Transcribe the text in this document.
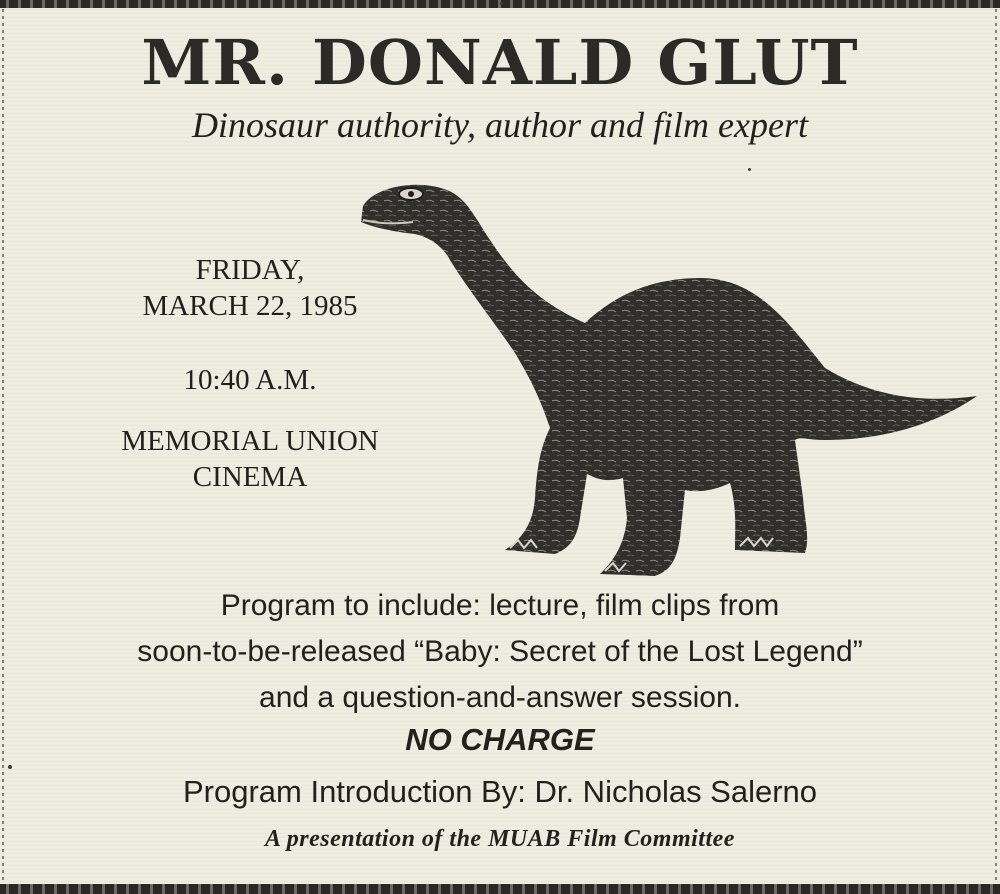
MR. DONALD GLUT
Dinosaur authority, author and film expert
FRIDAY,
MARCH 22, 1985
10:40 A.M.
MEMORIAL UNION
CINEMA
Program to include: lecture, film clips from
soon-to-be-released “Baby: Secret of the Lost Legend”
and a question-and-answer session.
NO CHARGE
Program Introduction By: Dr. Nicholas Salerno
A presentation of the MUAB Film Committee
